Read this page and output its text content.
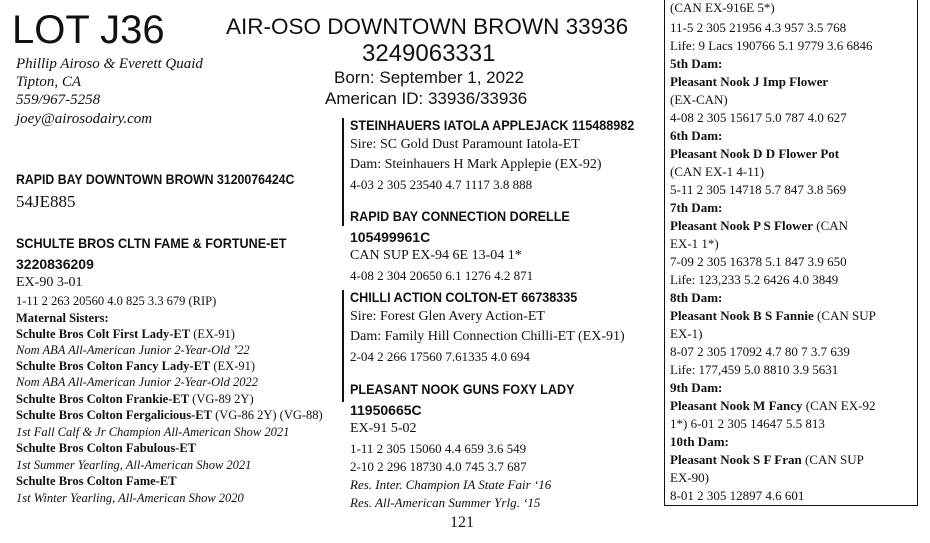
LOT J36
Phillip Airoso & Everett Quaid
Tipton, CA
559/967-5258
joey@airosodairy.com
AIR-OSO DOWNTOWN BROWN 33936
3249063331
Born: September 1, 2022
American ID: 33936/33936
RAPID BAY DOWNTOWN BROWN 3120076424C
54JE885
SCHULTE BROS CLTN FAME & FORTUNE-ET
3220836209
EX-90 3-01
1-11 2 263 20560 4.0 825 3.3 679 (RIP)
Maternal Sisters:
Schulte Bros Colt First Lady-ET (EX-91)
Nom ABA All-American Junior 2-Year-Old ’22
Schulte Bros Colton Fancy Lady-ET (EX-91)
Nom ABA All-American Junior 2-Year-Old 2022
Schulte Bros Colton Frankie-ET (VG-89 2Y)
Schulte Bros Colton Fergalicious-ET (VG-86 2Y) (VG-88)
1st Fall Calf & Jr Champion All-American Show 2021
Schulte Bros Colton Fabulous-ET
1st Summer Yearling, All-American Show 2021
Schulte Bros Colton Fame-ET
1st Winter Yearling, All-American Show 2020
STEINHAUERS IATOLA APPLEJACK 115488982
Sire: SC Gold Dust Paramount Iatola-ET
Dam: Steinhauers H Mark Applepie (EX-92)
4-03 2 305 23540 4.7 1117 3.8 888
RAPID BAY CONNECTION DORELLE
105499961C
CAN SUP EX-94 6E 13-04 1*
4-08 2 304 20650 6.1 1276 4.2 871
CHILLI ACTION COLTON-ET 66738335
Sire: Forest Glen Avery Action-ET
Dam: Family Hill Connection Chilli-ET (EX-91)
2-04 2 266 17560 7.61335 4.0 694
PLEASANT NOOK GUNS FOXY LADY
11950665C
EX-91 5-02
1-11 2 305 15060 4.4 659 3.6 549
2-10 2 296 18730 4.0 745 3.7 687
Res. Inter. Champion IA State Fair ‘16
Res. All-American Summer Yrlg. ‘15
121
(CAN EX-916E 5*)
11-5 2 305 21956 4.3 957 3.5 768
Life: 9 Lacs 190766 5.1 9779 3.6 6846
5th Dam:
Pleasant Nook J Imp Flower
(EX-CAN)
4-08 2 305 15617 5.0 787 4.0 627
6th Dam:
Pleasant Nook D D Flower Pot
(CAN EX-1 4-11)
5-11 2 305 14718 5.7 847 3.8 569
7th Dam:
Pleasant Nook P S Flower (CAN
EX-1 1*)
7-09 2 305 16378 5.1 847 3.9 650
Life: 123,233 5.2 6426 4.0 3849
8th Dam:
Pleasant Nook B S Fannie (CAN SUP
EX-1)
8-07 2 305 17092 4.7 80 7 3.7 639
Life: 177,459 5.0 8810 3.9 5631
9th Dam:
Pleasant Nook M Fancy (CAN EX-92
1*) 6-01 2 305 14647 5.5 813
10th Dam:
Pleasant Nook S F Fran (CAN SUP
EX-90)
8-01 2 305 12897 4.6 601
